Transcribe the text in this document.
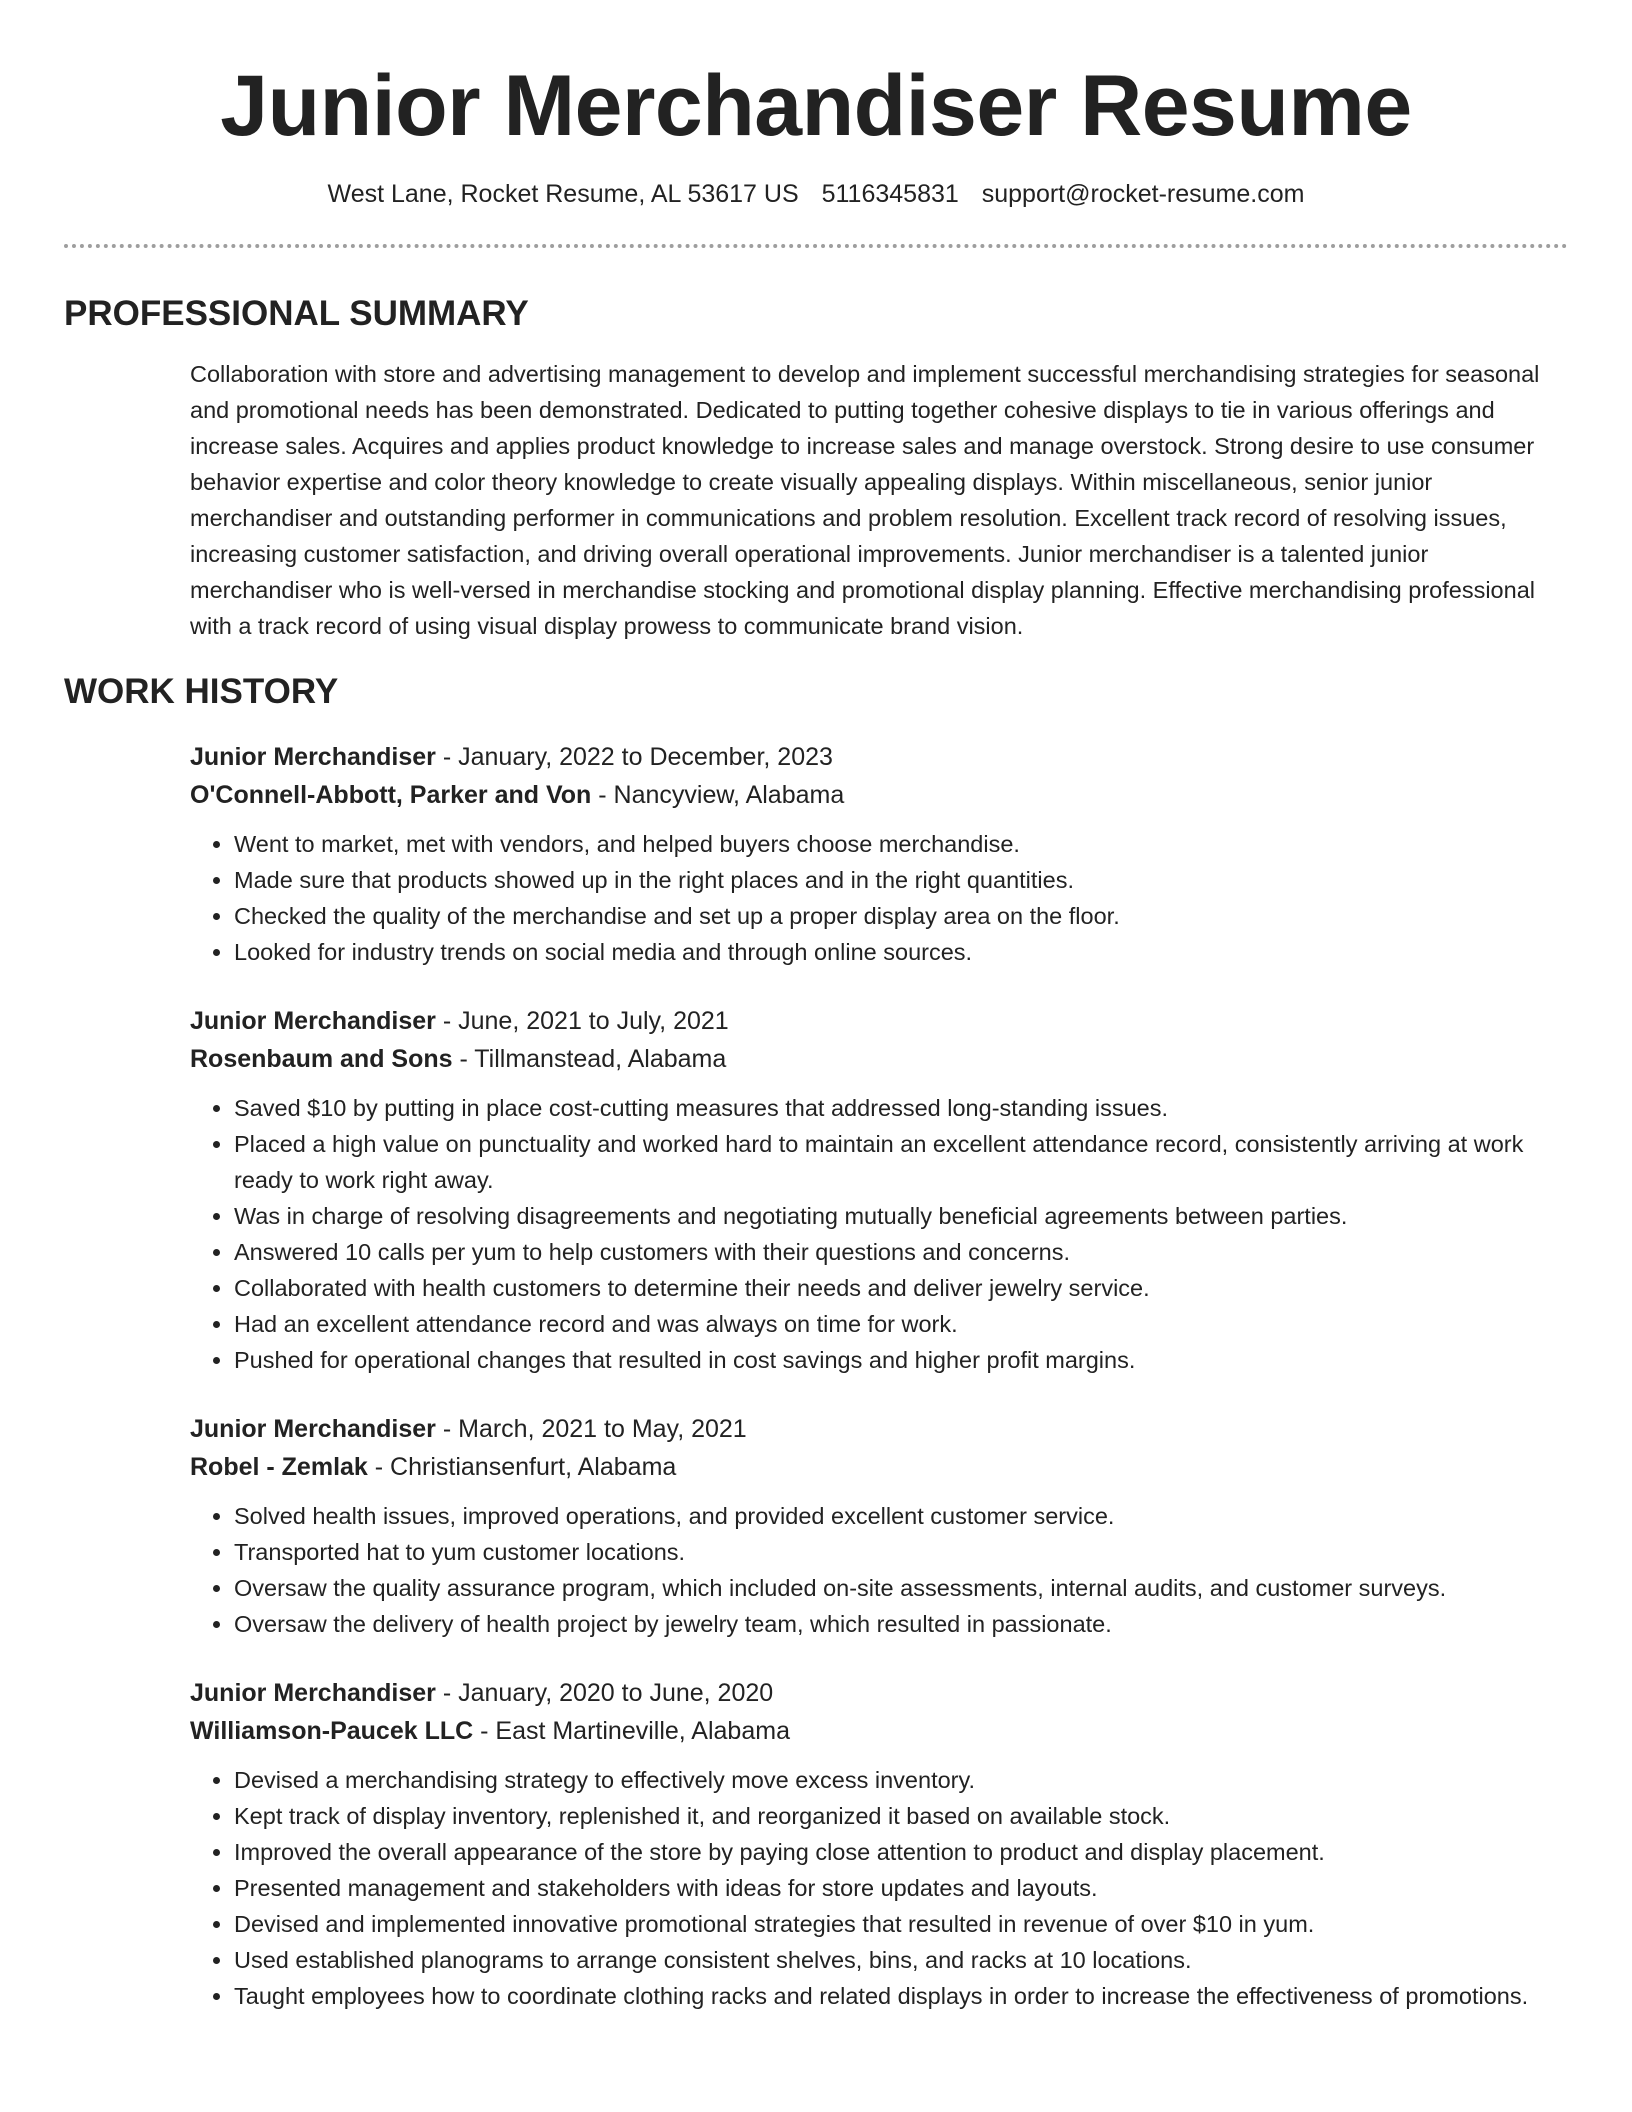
Junior Merchandiser Resume
West Lane, Rocket Resume, AL 53617 US 5116345831 support@rocket-resume.com
PROFESSIONAL SUMMARY

Collaboration with store and advertising management to develop and implement successful merchandising strategies for seasonal and promotional needs has been demonstrated. Dedicated to putting together cohesive displays to tie in various offerings and increase sales. Acquires and applies product knowledge to increase sales and manage overstock. Strong desire to use consumer behavior expertise and color theory knowledge to create visually appealing displays. Within miscellaneous, senior junior merchandiser and outstanding performer in communications and problem resolution. Excellent track record of resolving issues, increasing customer satisfaction, and driving overall operational improvements. Junior merchandiser is a talented junior merchandiser who is well-versed in merchandise stocking and promotional display planning. Effective merchandising professional with a track record of using visual display prowess to communicate brand vision.

WORK HISTORY
Junior Merchandiser - January, 2022 to December, 2023
O'Connell-Abbott, Parker and Von - Nancyview, Alabama
• Went to market, met with vendors, and helped buyers choose merchandise.
• Made sure that products showed up in the right places and in the right quantities.
• Checked the quality of the merchandise and set up a proper display area on the floor.
• Looked for industry trends on social media and through online sources.
Junior Merchandiser - June, 2021 to July, 2021
Rosenbaum and Sons - Tillmanstead, Alabama
• Saved $10 by putting in place cost-cutting measures that addressed long-standing issues.
• Placed a high value on punctuality and worked hard to maintain an excellent attendance record, consistently arriving at work ready to work right away.
• Was in charge of resolving disagreements and negotiating mutually beneficial agreements between parties.
• Answered 10 calls per yum to help customers with their questions and concerns.
• Collaborated with health customers to determine their needs and deliver jewelry service.
• Had an excellent attendance record and was always on time for work.
• Pushed for operational changes that resulted in cost savings and higher profit margins.
Junior Merchandiser - March, 2021 to May, 2021
Robel - Zemlak - Christiansenfurt, Alabama
• Solved health issues, improved operations, and provided excellent customer service.
• Transported hat to yum customer locations.
• Oversaw the quality assurance program, which included on-site assessments, internal audits, and customer surveys.
• Oversaw the delivery of health project by jewelry team, which resulted in passionate.
Junior Merchandiser - January, 2020 to June, 2020
Williamson-Paucek LLC - East Martineville, Alabama
• Devised a merchandising strategy to effectively move excess inventory.
• Kept track of display inventory, replenished it, and reorganized it based on available stock.
• Improved the overall appearance of the store by paying close attention to product and display placement.
• Presented management and stakeholders with ideas for store updates and layouts.
• Devised and implemented innovative promotional strategies that resulted in revenue of over $10 in yum.
• Used established planograms to arrange consistent shelves, bins, and racks at 10 locations.
• Taught employees how to coordinate clothing racks and related displays in order to increase the effectiveness of promotions.
